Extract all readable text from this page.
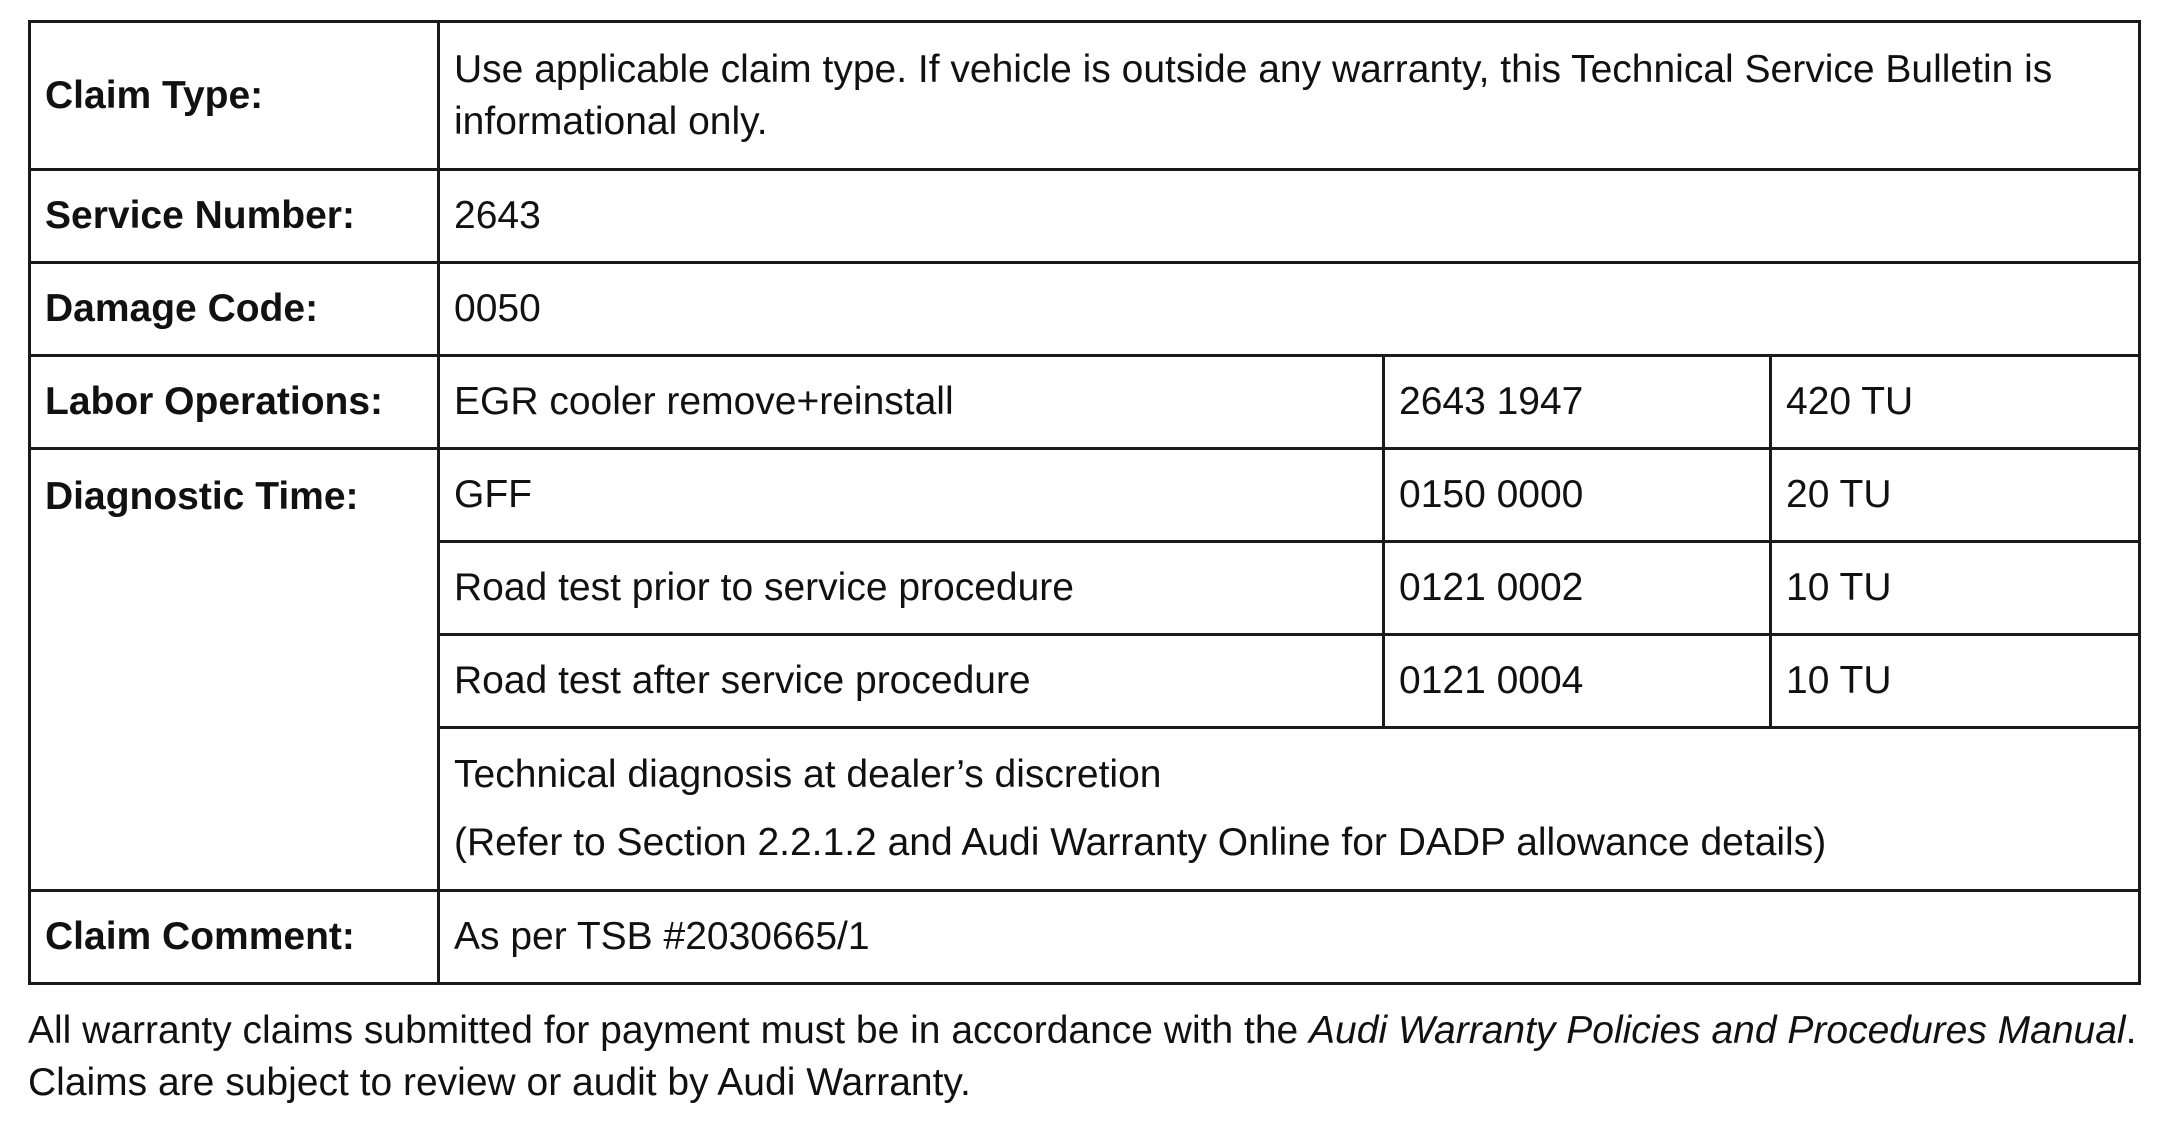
Claim Type:	Use applicable claim type. If vehicle is outside any warranty, this Technical Service Bulletin is informational only.		
Service Number:	2643		
Damage Code:	0050		
Labor Operations:	EGR cooler remove+reinstall	2643 1947	420 TU
Diagnostic Time:	GFF	0150 0000	20 TU
	Road test prior to service procedure	0121 0002	10 TU
	Road test after service procedure	0121 0004	10 TU

	Technical diagnosis at dealer’s discretion
(Refer to Section 2.2.1.2 and Audi Warranty Online for DADP allowance details)		

Claim Comment:	As per TSB #2030665/1		

All warranty claims submitted for payment must be in accordance with the Audi Warranty Policies and Procedures Manual. Claims are subject to review or audit by Audi Warranty.
